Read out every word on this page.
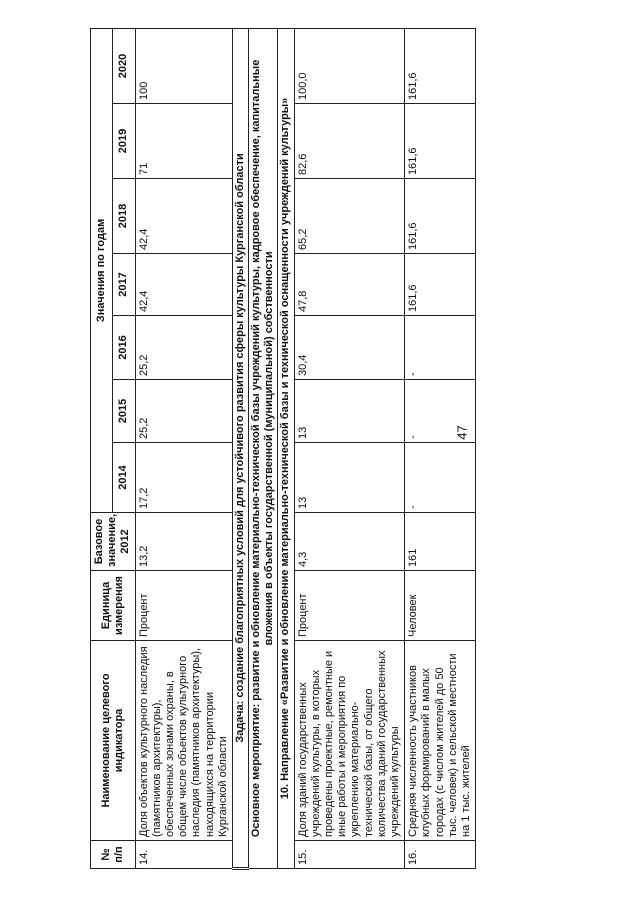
47
№ п/п	Наименование целевого индикатора	Единица измерения	Базовое значение, 2012	Значения по годам						
				2014	2015	2016	2017	2018	2019	2020
14.	Доля объектов культурного наследия (памятников архитектуры), обеспеченных зонами охраны, в общем числе объектов культурного наследия (памятников архитектуры), находящихся на территории Курганской области	Процент	13,2	17,2	25,2	25,2	42,4	42,4	71	100
Задача: создание благоприятных условий для устойчивого развития сферы культуры Курганской области										
Основное мероприятие: развитие и обновление материально-технической базы учреждений культуры, кадровое обеспечение, капитальные вложения в объекты государственной (муниципальной) собственности										
10. Направление «Развитие и обновление материально-технической базы и технической оснащенности учреждений культуры»										
15.	Доля зданий государственных учреждений культуры, в которых проведены проектные, ремонтные и иные работы и мероприятия по укреплению материально-технической базы, от общего количества зданий государственных учреждений культуры	Процент	4,3	13	13	30,4	47,8	65,2	82,6	100,0
16.	Средняя численность участников клубных формирований в малых городах (с числом жителей до 50 тыс. человек) и сельской местности на 1 тыс. жителей	Человек	161	-	-	-	161,6	161,6	161,6	161,6
